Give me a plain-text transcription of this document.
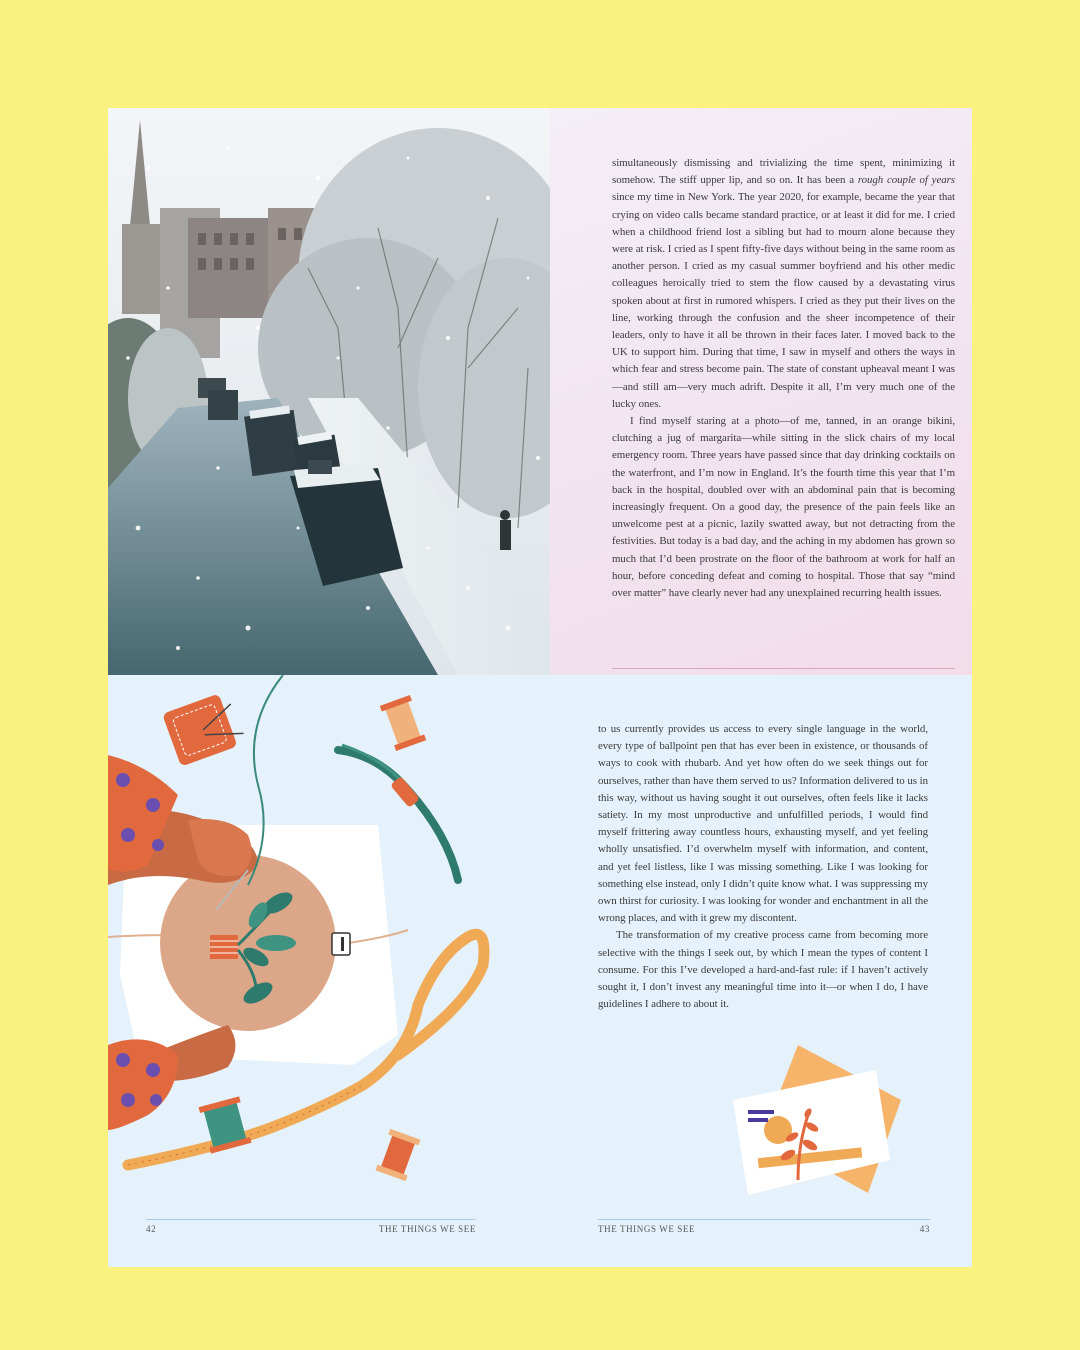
simultaneously dismissing and trivializing the time spent, minimizing it somehow. The stiff upper lip, and so on. It has been a rough couple of years since my time in New York. The year 2020, for example, became the year that crying on video calls became standard practice, or at least it did for me. I cried when a childhood friend lost a sibling but had to mourn alone because they were at risk. I cried as I spent fifty-five days without being in the same room as another person. I cried as my casual summer boyfriend and his other medic colleagues heroically tried to stem the flow caused by a devastating virus spoken about at first in rumored whispers. I cried as they put their lives on the line, working through the confusion and the sheer incompetence of their leaders, only to have it all be thrown in their faces later. I moved back to the UK to support him. During that time, I saw in myself and others the ways in which fear and stress become pain. The state of constant upheaval meant I was—and still am—very much adrift. Despite it all, I’m very much one of the lucky ones.

I find myself staring at a photo—of me, tanned, in an orange bikini, clutching a jug of margarita—while sitting in the slick chairs of my local emergency room. Three years have passed since that day drinking cocktails on the waterfront, and I’m now in England. It’s the fourth time this year that I’m back in the hospital, doubled over with an abdominal pain that is becoming increasingly frequent. On a good day, the presence of the pain feels like an unwelcome pest at a picnic, lazily swatted away, but not detracting from the festivities. But today is a bad day, and the aching in my abdomen has grown so much that I’d been prostrate on the floor of the bathroom at work for half an hour, before conceding defeat and coming to hospital. Those that say “mind over matter” have clearly never had any unexplained recurring health issues.

to us currently provides us access to every single language in the world, every type of ballpoint pen that has ever been in existence, or thousands of ways to cook with rhubarb. And yet how often do we seek things out for ourselves, rather than have them served to us? Information delivered to us in this way, without us having sought it out ourselves, often feels like it lacks satiety. In my most unproductive and unfulfilled periods, I would find myself frittering away countless hours, exhausting myself, and yet feeling wholly unsatisfied. I’d overwhelm myself with information, and content, and yet feel listless, like I was missing something. Like I was looking for something else instead, only I didn’t quite know what. I was suppressing my own thirst for curiosity. I was looking for wonder and enchantment in all the wrong places, and with it grew my discontent.

The transformation of my creative process came from becoming more selective with the things I seek out, by which I mean the types of content I consume. For this I’ve developed a hard-and-fast rule: if I haven’t actively sought it, I don’t invest any meaningful time into it—or when I do, I have guidelines I adhere to about it.

42	THE THINGS WE SEE	THE THINGS WE SEE	43
